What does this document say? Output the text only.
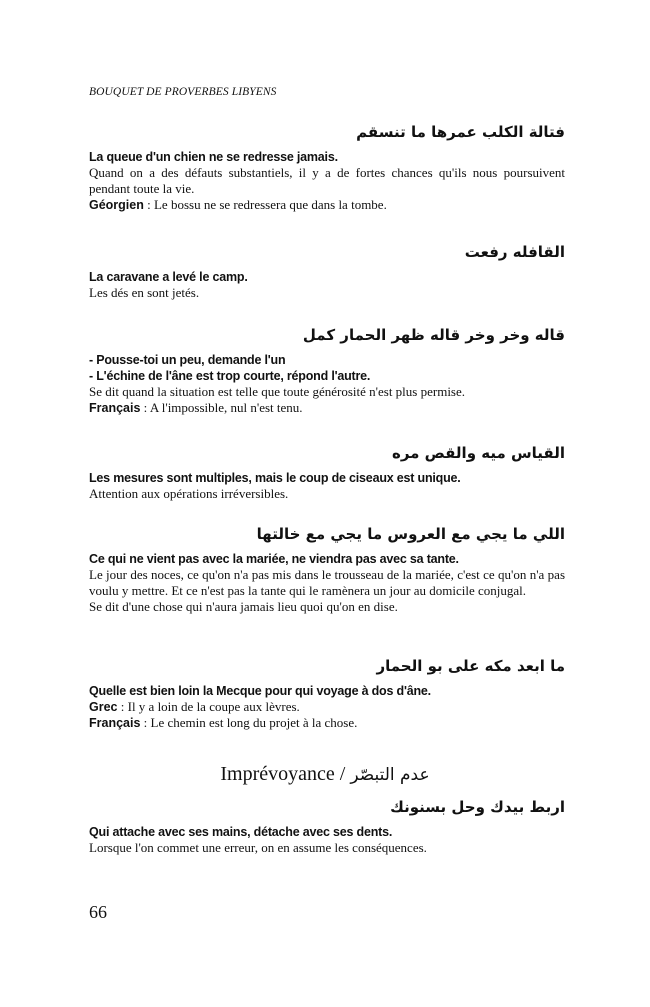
BOUQUET DE PROVERBES LIBYENS
فتالة الكلب عمرها ما تنسقم

La queue d'un chien ne se redresse jamais.

Quand on a des défauts substantiels, il y a de fortes chances qu'ils nous poursuivent pendant toute la vie.

Géorgien : Le bossu ne se redressera que dans la tombe.

القافله رفعت

La caravane a levé le camp.

Les dés en sont jetés.

قاله وخر وخر قاله ظهر الحمار كمل

- Pousse-toi un peu, demande l'un

- L'échine de l'âne est trop courte, répond l'autre.

Se dit quand la situation est telle que toute générosité n'est plus permise.

Français : A l'impossible, nul n'est tenu.

القياس ميه والقص مره

Les mesures sont multiples, mais le coup de ciseaux est unique.

Attention aux opérations irréversibles.

اللي ما يجي مع العروس ما يجي مع خالتها

Ce qui ne vient pas avec la mariée, ne viendra pas avec sa tante.

Le jour des noces, ce qu'on n'a pas mis dans le trousseau de la mariée, c'est ce qu'on n'a pas voulu y mettre. Et ce n'est pas la tante qui le ramènera un jour au domicile conjugal.

Se dit d'une chose qui n'aura jamais lieu quoi qu'on en dise.

ما ابعد مكه على بو الحمار

Quelle est bien loin la Mecque pour qui voyage à dos d'âne.

Grec : Il y a loin de la coupe aux lèvres.

Français : Le chemin est long du projet à la chose.

Imprévoyance / عدم التبصّر
اربط بيدك وحل بسنونك

Qui attache avec ses mains, détache avec ses dents.

Lorsque l'on commet une erreur, on en assume les conséquences.

66
